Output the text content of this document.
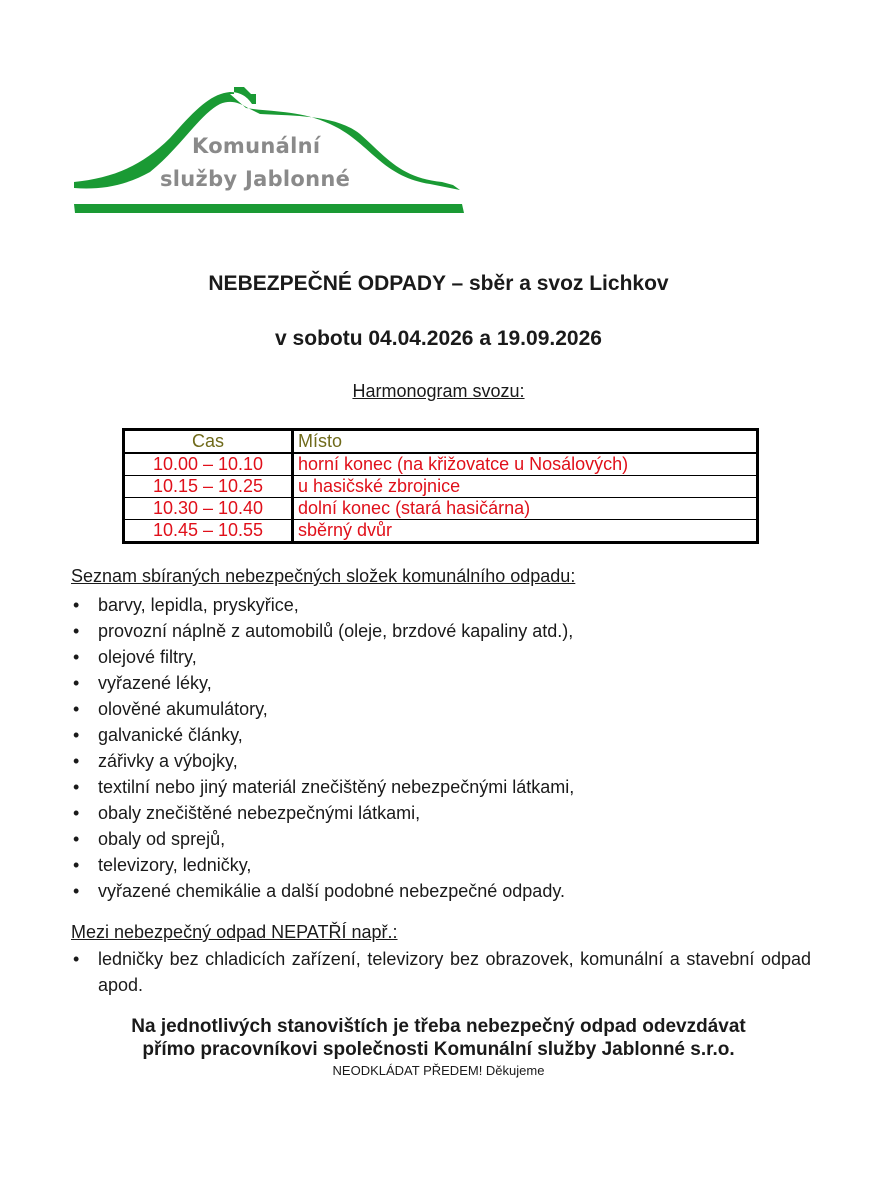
Komunální
služby Jablonné
NEBEZPEČNÉ ODPADY – sběr a svoz Lichkov
v sobotu 04.04.2026 a 19.09.2026
Harmonogram svozu:
Cas	Místo
10.00 – 10.10	horní konec (na křižovatce u Nosálových)
10.15 – 10.25	u hasičské zbrojnice
10.30 – 10.40	dolní konec (stará hasičárna)
10.45 – 10.55	sběrný dvůr
Seznam sbíraných nebezpečných složek komunálního odpadu:
• barvy, lepidla, pryskyřice,
• provozní náplně z automobilů (oleje, brzdové kapaliny atd.),
• olejové filtry,
• vyřazené léky,
• olověné akumulátory,
• galvanické články,
• zářivky a výbojky,
• textilní nebo jiný materiál znečištěný nebezpečnými látkami,
• obaly znečištěné nebezpečnými látkami,
• obaly od sprejů,
• televizory, ledničky,
• vyřazené chemikálie a další podobné nebezpečné odpady.
Mezi nebezpečný odpad NEPATŘÍ např.:
• ledničky bez chladicích zařízení, televizory bez obrazovek, komunální a stavební odpad apod.
Na jednotlivých stanovištích je třeba nebezpečný odpad odevzdávat
přímo pracovníkovi společnosti Komunální služby Jablonné s.r.o.
NEODKLÁDAT PŘEDEM! Děkujeme
